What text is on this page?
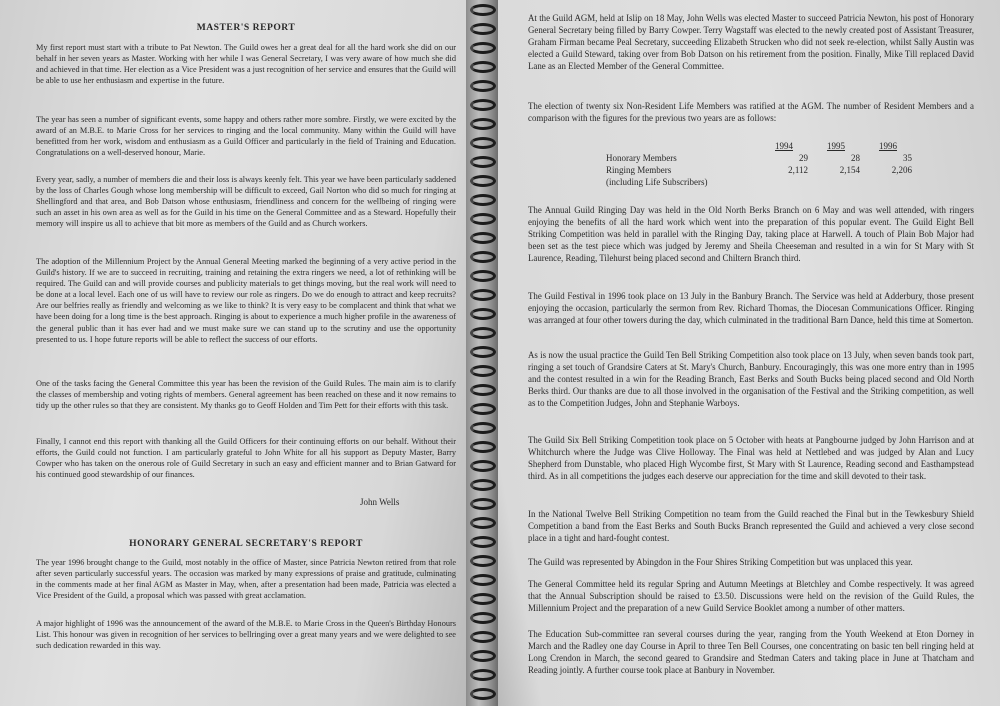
MASTER'S REPORT
My first report must start with a tribute to Pat Newton. The Guild owes her a great deal for all the hard work she did on our behalf in her seven years as Master. Working with her while I was General Secretary, I was very aware of how much she did and achieved in that time. Her election as a Vice President was a just recognition of her service and ensures that the Guild will be able to use her enthusiasm and expertise in the future.
The year has seen a number of significant events, some happy and others rather more sombre. Firstly, we were excited by the award of an M.B.E. to Marie Cross for her services to ringing and the local community. Many within the Guild will have benefitted from her work, wisdom and enthusiasm as a Guild Officer and particularly in the field of Training and Education. Congratulations on a well-deserved honour, Marie.
Every year, sadly, a number of members die and their loss is always keenly felt. This year we have been particularly saddened by the loss of Charles Gough whose long membership will be difficult to exceed, Gail Norton who did so much for ringing at Shellingford and that area, and Bob Datson whose enthusiasm, friendliness and concern for the wellbeing of ringing were such an asset in his own area as well as for the Guild in his time on the General Committee and as a Steward. Hopefully their memory will inspire us all to achieve that bit more as members of the Guild and as Church workers.
The adoption of the Millennium Project by the Annual General Meeting marked the beginning of a very active period in the Guild's history. If we are to succeed in recruiting, training and retaining the extra ringers we need, a lot of rethinking will be required. The Guild can and will provide courses and publicity materials to get things moving, but the real work will need to be done at a local level. Each one of us will have to review our role as ringers. Do we do enough to attract and keep recruits? Are our belfries really as friendly and welcoming as we like to think? It is very easy to be complacent and think that what we have been doing for a long time is the best approach. Ringing is about to experience a much higher profile in the awareness of the general public than it has ever had and we must make sure we can stand up to the scrutiny and use the opportunity presented to us. I hope future reports will be able to reflect the success of our efforts.
One of the tasks facing the General Committee this year has been the revision of the Guild Rules. The main aim is to clarify the classes of membership and voting rights of members. General agreement has been reached on these and it now remains to tidy up the other rules so that they are consistent. My thanks go to Geoff Holden and Tim Pett for their efforts with this task.
Finally, I cannot end this report with thanking all the Guild Officers for their continuing efforts on our behalf. Without their efforts, the Guild could not function. I am particularly grateful to John White for all his support as Deputy Master, Barry Cowper who has taken on the onerous role of Guild Secretary in such an easy and efficient manner and to Brian Gatward for his continued good stewardship of our finances.
John Wells
HONORARY GENERAL SECRETARY'S REPORT
The year 1996 brought change to the Guild, most notably in the office of Master, since Patricia Newton retired from that role after seven particularly successful years. The occasion was marked by many expressions of praise and gratitude, culminating in the comments made at her final AGM as Master in May, when, after a presentation had been made, Patricia was elected a Vice President of the Guild, a proposal which was passed with great acclamation.
A major highlight of 1996 was the announcement of the award of the M.B.E. to Marie Cross in the Queen's Birthday Honours List. This honour was given in recognition of her services to bellringing over a great many years and we were delighted to see such dedication rewarded in this way.
At the Guild AGM, held at Islip on 18 May, John Wells was elected Master to succeed Patricia Newton, his post of Honorary General Secretary being filled by Barry Cowper. Terry Wagstaff was elected to the newly created post of Assistant Treasurer, Graham Firman became Peal Secretary, succeeding Elizabeth Strucken who did not seek re-election, whilst Sally Austin was elected a Guild Steward, taking over from Bob Datson on his retirement from the position. Finally, Mike Till replaced David Lane as an Elected Member of the General Committee.
The election of twenty six Non-Resident Life Members was ratified at the AGM. The number of Resident Members and a comparison with the figures for the previous two years are as follows:
	1994	1995	1996
Honorary Members	29	28	35
Ringing Members	2,112	2,154	2,206
(including Life Subscribers)			
The Annual Guild Ringing Day was held in the Old North Berks Branch on 6 May and was well attended, with ringers enjoying the benefits of all the hard work which went into the preparation of this popular event. The Guild Eight Bell Striking Competition was held in parallel with the Ringing Day, taking place at Harwell. A touch of Plain Bob Major had been set as the test piece which was judged by Jeremy and Sheila Cheeseman and resulted in a win for St Mary with St Laurence, Reading, Tilehurst being placed second and Chiltern Branch third.
The Guild Festival in 1996 took place on 13 July in the Banbury Branch. The Service was held at Adderbury, those present enjoying the occasion, particularly the sermon from Rev. Richard Thomas, the Diocesan Communications Officer. Ringing was arranged at four other towers during the day, which culminated in the traditional Barn Dance, held this time at Somerton.
As is now the usual practice the Guild Ten Bell Striking Competition also took place on 13 July, when seven bands took part, ringing a set touch of Grandsire Caters at St. Mary's Church, Banbury. Encouragingly, this was one more entry than in 1995 and the contest resulted in a win for the Reading Branch, East Berks and South Bucks being placed second and Old North Berks third. Our thanks are due to all those involved in the organisation of the Festival and the Striking competition, as well as to the Competition Judges, John and Stephanie Warboys.
The Guild Six Bell Striking Competition took place on 5 October with heats at Pangbourne judged by John Harrison and at Whitchurch where the Judge was Clive Holloway. The Final was held at Nettlebed and was judged by Alan and Lucy Shepherd from Dunstable, who placed High Wycombe first, St Mary with St Laurence, Reading second and Easthampstead third. As in all competitions the judges each deserve our appreciation for the time and skill devoted to their task.
In the National Twelve Bell Striking Competition no team from the Guild reached the Final but in the Tewkesbury Shield Competition a band from the East Berks and South Bucks Branch represented the Guild and achieved a very close second place in a tight and hard-fought contest.
The Guild was represented by Abingdon in the Four Shires Striking Competition but was unplaced this year.
The General Committee held its regular Spring and Autumn Meetings at Bletchley and Combe respectively. It was agreed that the Annual Subscription should be raised to £3.50. Discussions were held on the revision of the Guild Rules, the Millennium Project and the preparation of a new Guild Service Booklet among a number of other matters.
The Education Sub-committee ran several courses during the year, ranging from the Youth Weekend at Eton Dorney in March and the Radley one day Course in April to three Ten Bell Courses, one concentrating on basic ten bell ringing held at Long Crendon in March, the second geared to Grandsire and Stedman Caters and taking place in June at Thatcham and Reading jointly. A further course took place at Banbury in November.
